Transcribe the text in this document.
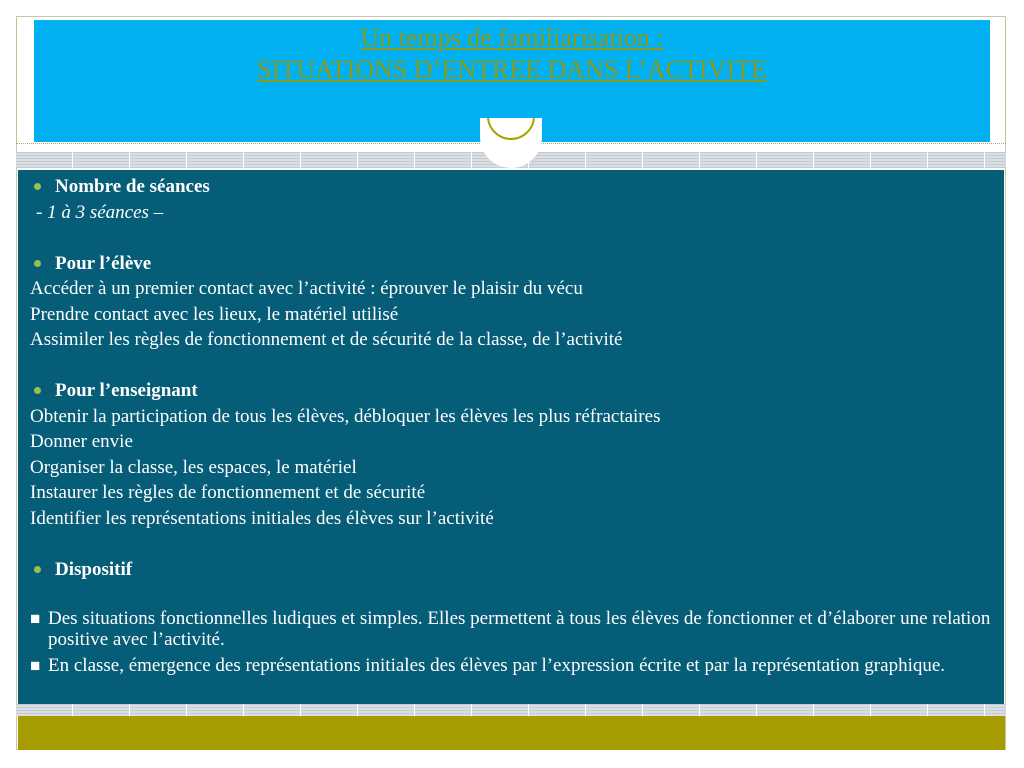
Un temps de familiarisation :
SITUATIONS D’ENTREE DANS L’ACTIVITE
Nombre de séances
- 1 à 3 séances –
Pour l’élève
Accéder à un premier contact avec l’activité : éprouver le plaisir du vécu
Prendre contact avec les lieux, le matériel utilisé
Assimiler les règles de fonctionnement et de sécurité de la classe, de l’activité
Pour l’enseignant
Obtenir la participation de tous les élèves, débloquer les élèves les plus réfractaires
Donner envie
Organiser la classe, les espaces, le matériel
Instaurer les règles de fonctionnement et de sécurité
Identifier les représentations initiales des élèves sur l’activité
Dispositif
■ Des situations fonctionnelles ludiques et simples. Elles permettent à tous les élèves de fonctionner et d’élaborer une relation positive avec l’activité.
■ En classe, émergence des représentations initiales des élèves par l’expression écrite et par la représentation graphique.
